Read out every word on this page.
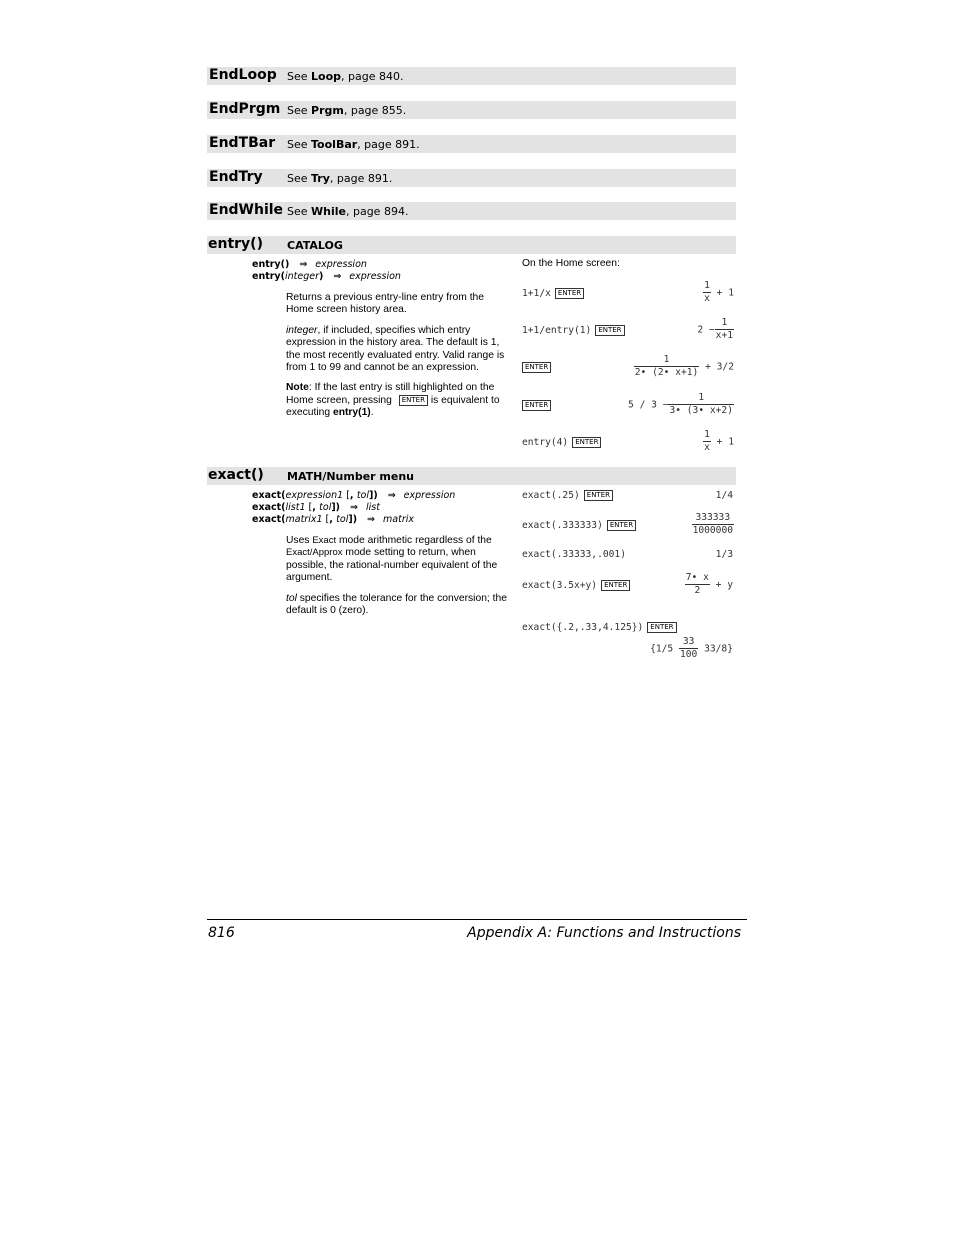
EndLoop See Loop, page 840.
EndPrgm See Prgm, page 855.
EndTBar See ToolBar, page 891.
EndTry See Try, page 891.
EndWhile See While, page 894.
entry() CATALOG
entry() ⇒ expression
entry(integer) ⇒ expression

Returns a previous entry-line entry from the Home screen history area.

integer, if included, specifies which entry expression in the history area. The default is 1, the most recently evaluated entry. Valid range is from 1 to 99 and cannot be an expression.

Note: If the last entry is still highlighted on the Home screen, pressing ENTER is equivalent to executing entry(1).

On the Home screen:
1+1/x ENTER	$\frac{1}{x} + 1$
1+1/entry(1) ENTER	$2 - \frac{1}{x+1}$
ENTER	$\frac{1}{2• (2• x+1)} + 3/2$
ENTER	$5 / 3 - \frac{1}{3• (3• x+2)}$
entry(4) ENTER	$\frac{1}{x} + 1$
exact() MATH/Number menu
exact(expression1 [, tol]) ⇒ expression
exact(list1 [, tol]) ⇒ list
exact(matrix1 [, tol]) ⇒ matrix

Uses Exact mode arithmetic regardless of the Exact/Approx mode setting to return, when possible, the rational-number equivalent of the argument.

tol specifies the tolerance for the conversion; the default is 0 (zero).

exact(.25) ENTER	1/4
exact(.333333) ENTER	$\frac{333333}{1000000}$
exact(.33333,.001)	1/3
exact(3.5x+y) ENTER	$\frac{7• x}{2} + y$
exact({.2,.33,4.125}) ENTER
$\{1/5 \frac{33}{100} 33/8\}$
816	Appendix A: Functions and Instructions
